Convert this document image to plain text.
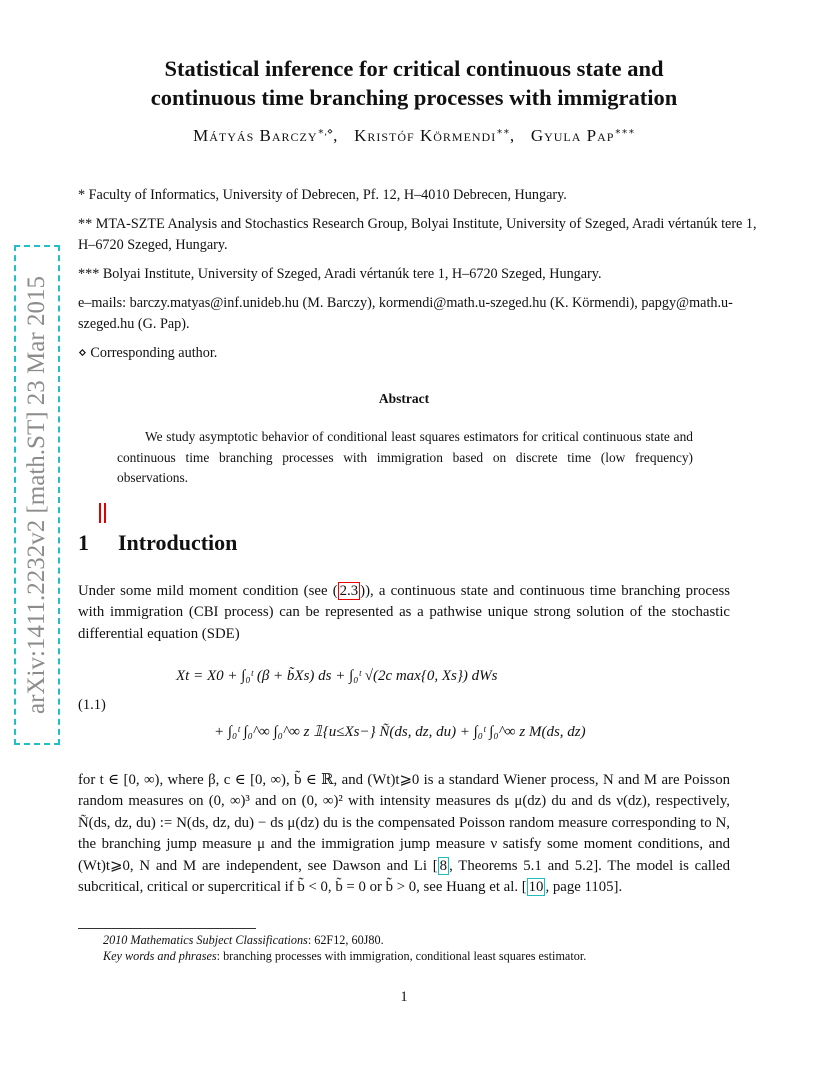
arXiv:1411.2232v2 [math.ST] 23 Mar 2015
Statistical inference for critical continuous state and
continuous time branching processes with immigration
Mátyás Barczy∗,⋄,   Kristóf Körmendi∗∗,   Gyula Pap∗∗∗
* Faculty of Informatics, University of Debrecen, Pf. 12, H–4010 Debrecen, Hungary.
** MTA-SZTE Analysis and Stochastics Research Group, Bolyai Institute, University of Szeged, Aradi vértanúk tere 1, H–6720 Szeged, Hungary.
*** Bolyai Institute, University of Szeged, Aradi vértanúk tere 1, H–6720 Szeged, Hungary.
e–mails: barczy.matyas@inf.unideb.hu (M. Barczy), kormendi@math.u-szeged.hu (K. Körmendi), papgy@math.u-szeged.hu (G. Pap).
⋄ Corresponding author.
Abstract
We study asymptotic behavior of conditional least squares estimators for critical continuous state and continuous time branching processes with immigration based on discrete time (low frequency) observations.
1 Introduction
Under some mild moment condition (see ( 2.3 )), a continuous state and continuous time branching process with immigration (CBI process) can be represented as a pathwise unique strong solution of the stochastic differential equation (SDE)
Xt = X0 + ∫₀ᵗ (β + b̃Xs) ds + ∫₀ᵗ √(2c max{0, Xs}) dWs
+ ∫₀ᵗ ∫₀^∞ ∫₀^∞ z 𝟙{u≤Xs−} Ñ(ds, dz, du) + ∫₀ᵗ ∫₀^∞ z M(ds, dz)
(1.1)
for t ∈ [0, ∞), where β, c ∈ [0, ∞), b̃ ∈ ℝ, and (Wt)t⩾0 is a standard Wiener process, N and M are Poisson random measures on (0, ∞)³ and on (0, ∞)² with intensity measures ds μ(dz) du and ds ν(dz), respectively, Ñ(ds, dz, du) := N(ds, dz, du) − ds μ(dz) du is the compensated Poisson random measure corresponding to N, the branching jump measure μ and the immigration jump measure ν satisfy some moment conditions, and (Wt)t⩾0, N and M are independent, see Dawson and Li [ 8 , Theorems 5.1 and 5.2]. The model is called subcritical, critical or supercritical if b̃ < 0, b̃ = 0 or b̃ > 0, see Huang et al. [ 10 , page 1105].
2010 Mathematics Subject Classifications: 62F12, 60J80.
Key words and phrases: branching processes with immigration, conditional least squares estimator.
1
